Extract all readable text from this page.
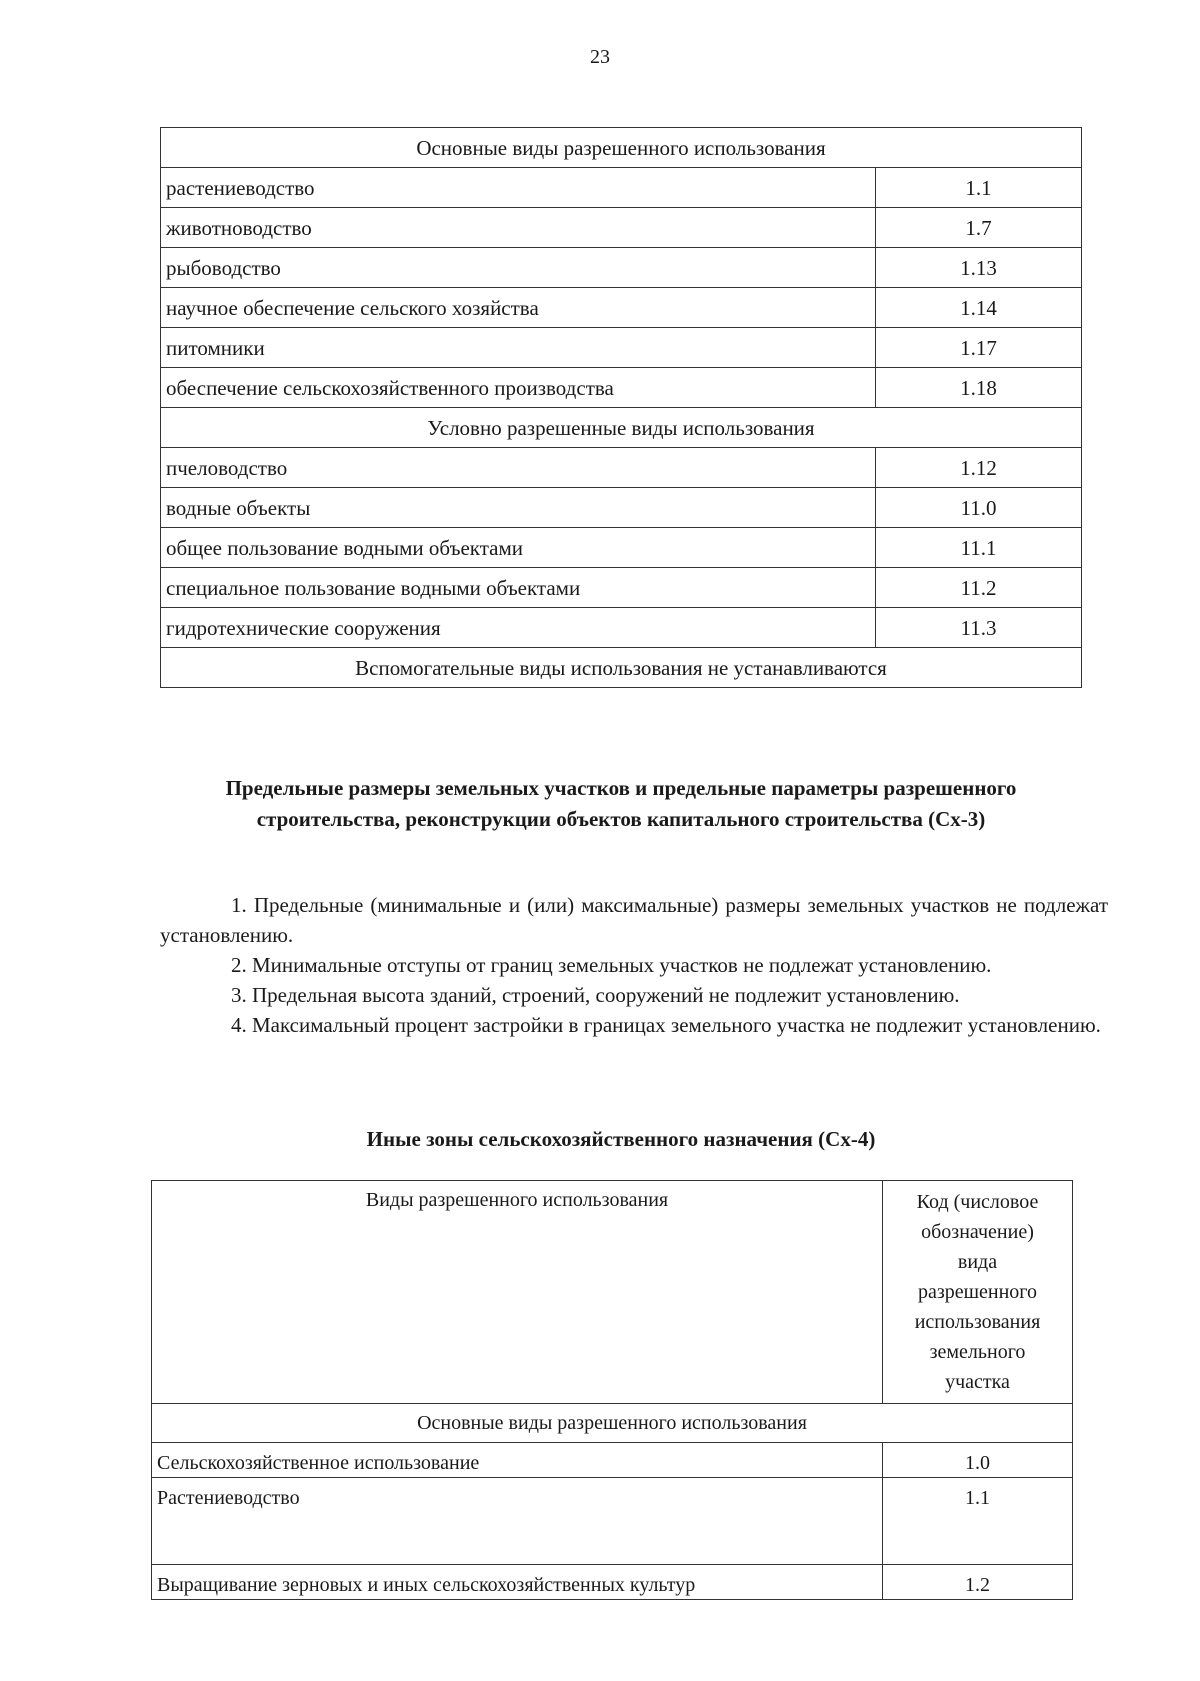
23
Основные виды разрешенного использования	
растениеводство	1.1
животноводство	1.7
рыбоводство	1.13
научное обеспечение сельского хозяйства	1.14
питомники	1.17
обеспечение сельскохозяйственного производства	1.18
Условно разрешенные виды использования	
пчеловодство	1.12
водные объекты	11.0
общее пользование водными объектами	11.1
специальное пользование водными объектами	11.2
гидротехнические сооружения	11.3
Вспомогательные виды использования не устанавливаются	
Предельные размеры земельных участков и предельные параметры разрешенного строительства, реконструкции объектов капитального строительства (Сх-3)

1. Предельные (минимальные и (или) максимальные) размеры земельных участков не подлежат установлению.

2. Минимальные отступы от границ земельных участков не подлежат установлению.

3. Предельная высота зданий, строений, сооружений не подлежит установлению.

4. Максимальный процент застройки в границах земельного участка не подлежит установлению.

Иные зоны сельскохозяйственного назначения (Сх-4)
Виды разрешенного использования	Код (числовое обозначение) вида разрешенного использования земельного участка
Основные виды разрешенного использования	
Сельскохозяйственное использование	1.0
Растениеводство	1.1
Выращивание зерновых и иных сельскохозяйственных культур	1.2
